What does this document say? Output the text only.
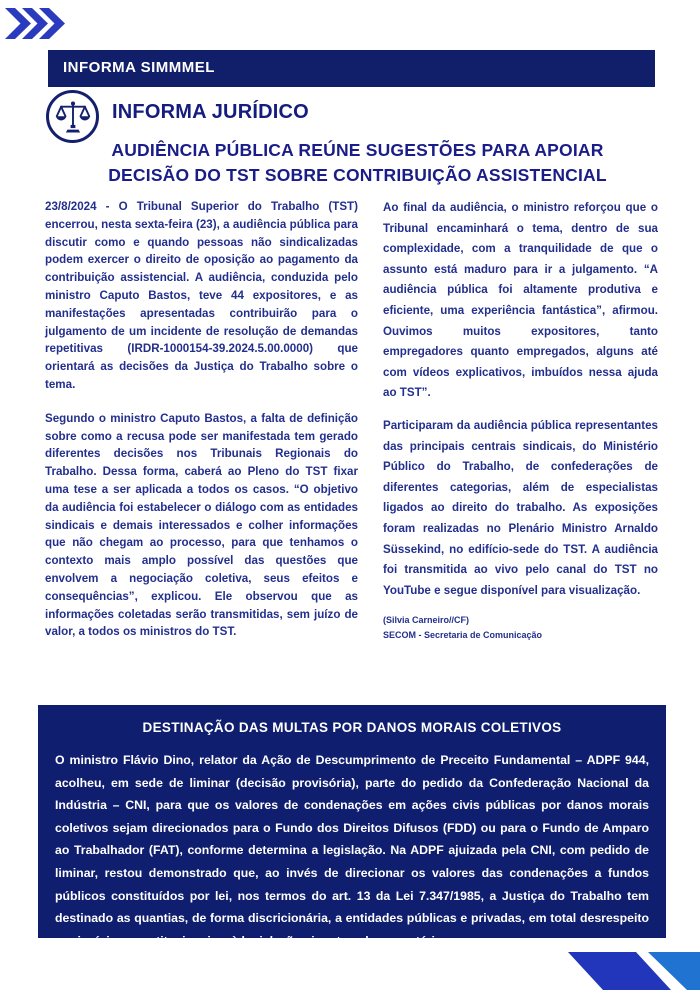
INFORMA SIMMMEL
INFORMA JURÍDICO
AUDIÊNCIA PÚBLICA REÚNE SUGESTÕES PARA APOIAR
DECISÃO DO TST SOBRE CONTRIBUIÇÃO ASSISTENCIAL

23/8/2024 - O Tribunal Superior do Trabalho (TST) encerrou, nesta sexta-feira (23), a audiência pública para discutir como e quando pessoas não sindicalizadas podem exercer o direito de oposição ao pagamento da contribuição assistencial. A audiência, conduzida pelo ministro Caputo Bastos, teve 44 expositores, e as manifestações apresentadas contribuirão para o julgamento de um incidente de resolução de demandas repetitivas (IRDR-1000154-39.2024.5.00.0000) que orientará as decisões da Justiça do Trabalho sobre o tema.

Segundo o ministro Caputo Bastos, a falta de definição sobre como a recusa pode ser manifestada tem gerado diferentes decisões nos Tribunais Regionais do Trabalho. Dessa forma, caberá ao Pleno do TST fixar uma tese a ser aplicada a todos os casos. “O objetivo da audiência foi estabelecer o diálogo com as entidades sindicais e demais interessados e colher informações que não chegam ao processo, para que tenhamos o contexto mais amplo possível das questões que envolvem a negociação coletiva, seus efeitos e consequências”, explicou. Ele observou que as informações coletadas serão transmitidas, sem juízo de valor, a todos os ministros do TST.

Ao final da audiência, o ministro reforçou que o Tribunal encaminhará o tema, dentro de sua complexidade, com a tranquilidade de que o assunto está maduro para ir a julgamento. “A audiência pública foi altamente produtiva e eficiente, uma experiência fantástica”, afirmou. Ouvimos muitos expositores, tanto empregadores quanto empregados, alguns até com vídeos explicativos, imbuídos nessa ajuda ao TST”.

Participaram da audiência pública representantes das principais centrais sindicais, do Ministério Público do Trabalho, de confederações de diferentes categorias, além de especialistas ligados ao direito do trabalho. As exposições foram realizadas no Plenário Ministro Arnaldo Süssekind, no edifício-sede do TST. A audiência foi transmitida ao vivo pelo canal do TST no YouTube e segue disponível para visualização.

(Silvia Carneiro//CF)
SECOM - Secretaria de Comunicação
DESTINAÇÃO DAS MULTAS POR DANOS MORAIS COLETIVOS
O ministro Flávio Dino, relator da Ação de Descumprimento de Preceito Fundamental – ADPF 944, acolheu, em sede de liminar (decisão provisória), parte do pedido da Confederação Nacional da Indústria – CNI, para que os valores de condenações em ações civis públicas por danos morais coletivos sejam direcionados para o Fundo dos Direitos Difusos (FDD) ou para o Fundo de Amparo ao Trabalhador (FAT), conforme determina a legislação. Na ADPF ajuizada pela CNI, com pedido de liminar, restou demonstrado que, ao invés de direcionar os valores das condenações a fundos públicos constituídos por lei, nos termos do art. 13 da Lei 7.347/1985, a Justiça do Trabalho tem destinado as quantias, de forma discricionária, a entidades públicas e privadas, em total desrespeito a princípios constitucionais e à legislação vigente sobre a matéria.
